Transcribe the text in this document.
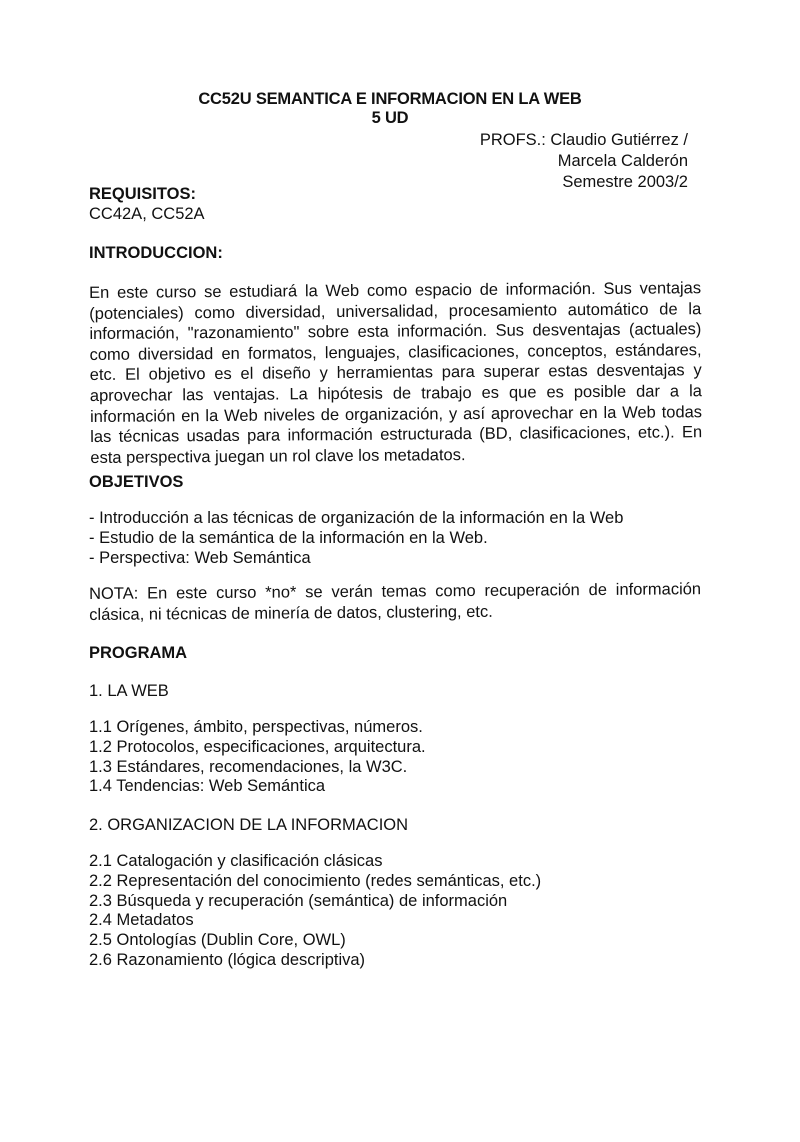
CC52U SEMANTICA E INFORMACION EN LA WEB
5 UD
PROFS.: Claudio Gutiérrez /
Marcela Calderón
Semestre 2003/2
REQUISITOS:
CC42A, CC52A
INTRODUCCION:
En este curso se estudiará la Web como espacio de información. Sus ventajas (potenciales) como diversidad, universalidad, procesamiento automático de la información, "razonamiento" sobre esta información. Sus desventajas (actuales) como diversidad en formatos, lenguajes, clasificaciones, conceptos, estándares, etc. El objetivo es el diseño y herramientas para superar estas desventajas y aprovechar las ventajas. La hipótesis de trabajo es que es posible dar a la información en la Web niveles de organización, y así aprovechar en la Web todas las técnicas usadas para información estructurada (BD, clasificaciones, etc.). En esta perspectiva juegan un rol clave los metadatos.
OBJETIVOS
- Introducción a las técnicas de organización de la información en la Web
- Estudio de la semántica de la información en la Web.
- Perspectiva: Web Semántica
NOTA: En este curso *no* se verán temas como recuperación de información clásica, ni técnicas de minería de datos, clustering, etc.
PROGRAMA
1. LA WEB
1.1 Orígenes, ámbito, perspectivas, números.
1.2 Protocolos, especificaciones, arquitectura.
1.3 Estándares, recomendaciones, la W3C.
1.4 Tendencias: Web Semántica
2. ORGANIZACION DE LA INFORMACION
2.1 Catalogación y clasificación clásicas
2.2 Representación del conocimiento (redes semánticas, etc.)
2.3 Búsqueda y recuperación (semántica) de información
2.4 Metadatos
2.5 Ontologías (Dublin Core, OWL)
2.6 Razonamiento (lógica descriptiva)
